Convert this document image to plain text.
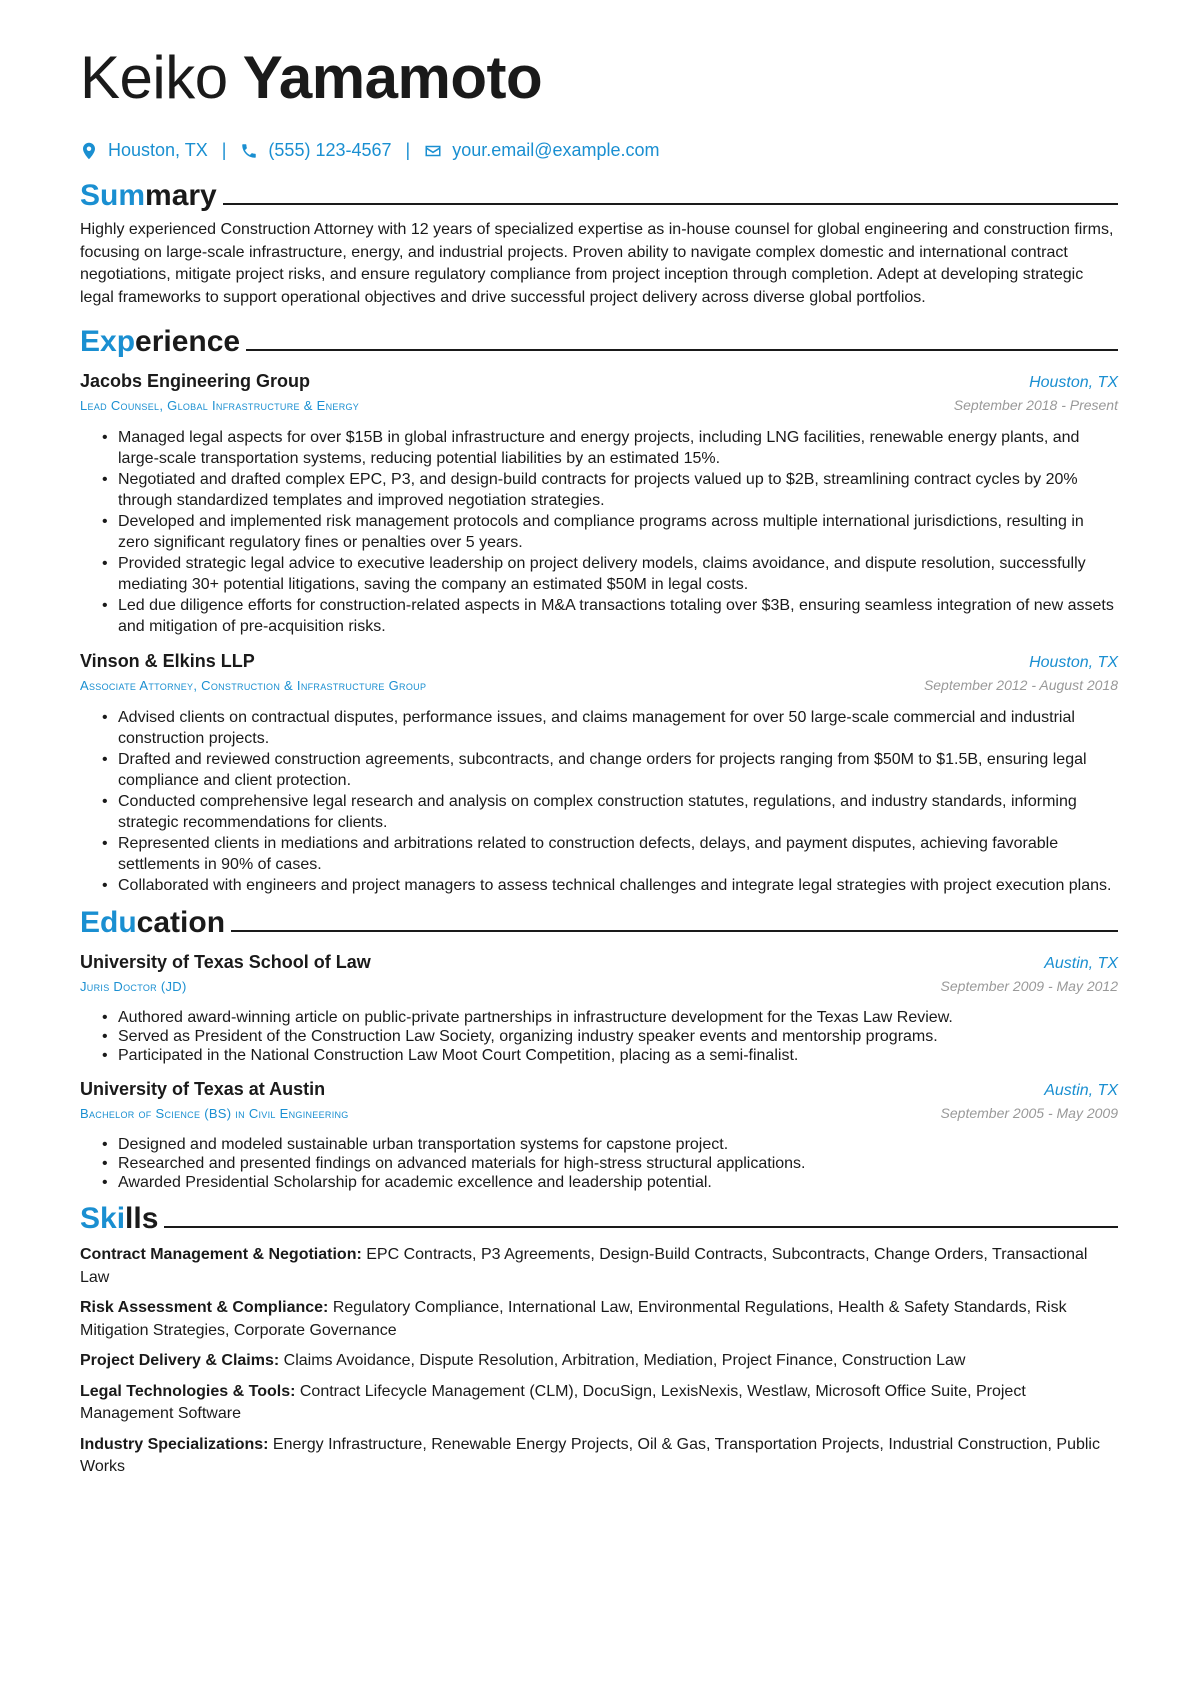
Keiko Yamamoto
Houston, TX | (555) 123-4567 | your.email@example.com
Summary

Highly experienced Construction Attorney with 12 years of specialized expertise as in-house counsel for global engineering and construction firms, focusing on large-scale infrastructure, energy, and industrial projects. Proven ability to navigate complex domestic and international contract negotiations, mitigate project risks, and ensure regulatory compliance from project inception through completion. Adept at developing strategic legal frameworks to support operational objectives and drive successful project delivery across diverse global portfolios.

Experience
Jacobs Engineering Group	Houston, TX
Lead Counsel, Global Infrastructure & Energy	September 2018 - Present
• Managed legal aspects for over $15B in global infrastructure and energy projects, including LNG facilities, renewable energy plants, and large-scale transportation systems, reducing potential liabilities by an estimated 15%.
• Negotiated and drafted complex EPC, P3, and design-build contracts for projects valued up to $2B, streamlining contract cycles by 20% through standardized templates and improved negotiation strategies.
• Developed and implemented risk management protocols and compliance programs across multiple international jurisdictions, resulting in zero significant regulatory fines or penalties over 5 years.
• Provided strategic legal advice to executive leadership on project delivery models, claims avoidance, and dispute resolution, successfully mediating 30+ potential litigations, saving the company an estimated $50M in legal costs.
• Led due diligence efforts for construction-related aspects in M&A transactions totaling over $3B, ensuring seamless integration of new assets and mitigation of pre-acquisition risks.
Vinson & Elkins LLP	Houston, TX
Associate Attorney, Construction & Infrastructure Group	September 2012 - August 2018
• Advised clients on contractual disputes, performance issues, and claims management for over 50 large-scale commercial and industrial construction projects.
• Drafted and reviewed construction agreements, subcontracts, and change orders for projects ranging from $50M to $1.5B, ensuring legal compliance and client protection.
• Conducted comprehensive legal research and analysis on complex construction statutes, regulations, and industry standards, informing strategic recommendations for clients.
• Represented clients in mediations and arbitrations related to construction defects, delays, and payment disputes, achieving favorable settlements in 90% of cases.
• Collaborated with engineers and project managers to assess technical challenges and integrate legal strategies with project execution plans.
Education
University of Texas School of Law	Austin, TX
Juris Doctor (JD)	September 2009 - May 2012
• Authored award-winning article on public-private partnerships in infrastructure development for the Texas Law Review.
• Served as President of the Construction Law Society, organizing industry speaker events and mentorship programs.
• Participated in the National Construction Law Moot Court Competition, placing as a semi-finalist.
University of Texas at Austin	Austin, TX
Bachelor of Science (BS) in Civil Engineering	September 2005 - May 2009
• Designed and modeled sustainable urban transportation systems for capstone project.
• Researched and presented findings on advanced materials for high-stress structural applications.
• Awarded Presidential Scholarship for academic excellence and leadership potential.
Skills

Contract Management & Negotiation: EPC Contracts, P3 Agreements, Design-Build Contracts, Subcontracts, Change Orders, Transactional Law

Risk Assessment & Compliance: Regulatory Compliance, International Law, Environmental Regulations, Health & Safety Standards, Risk Mitigation Strategies, Corporate Governance

Project Delivery & Claims: Claims Avoidance, Dispute Resolution, Arbitration, Mediation, Project Finance, Construction Law

Legal Technologies & Tools: Contract Lifecycle Management (CLM), DocuSign, LexisNexis, Westlaw, Microsoft Office Suite, Project Management Software

Industry Specializations: Energy Infrastructure, Renewable Energy Projects, Oil & Gas, Transportation Projects, Industrial Construction, Public Works
